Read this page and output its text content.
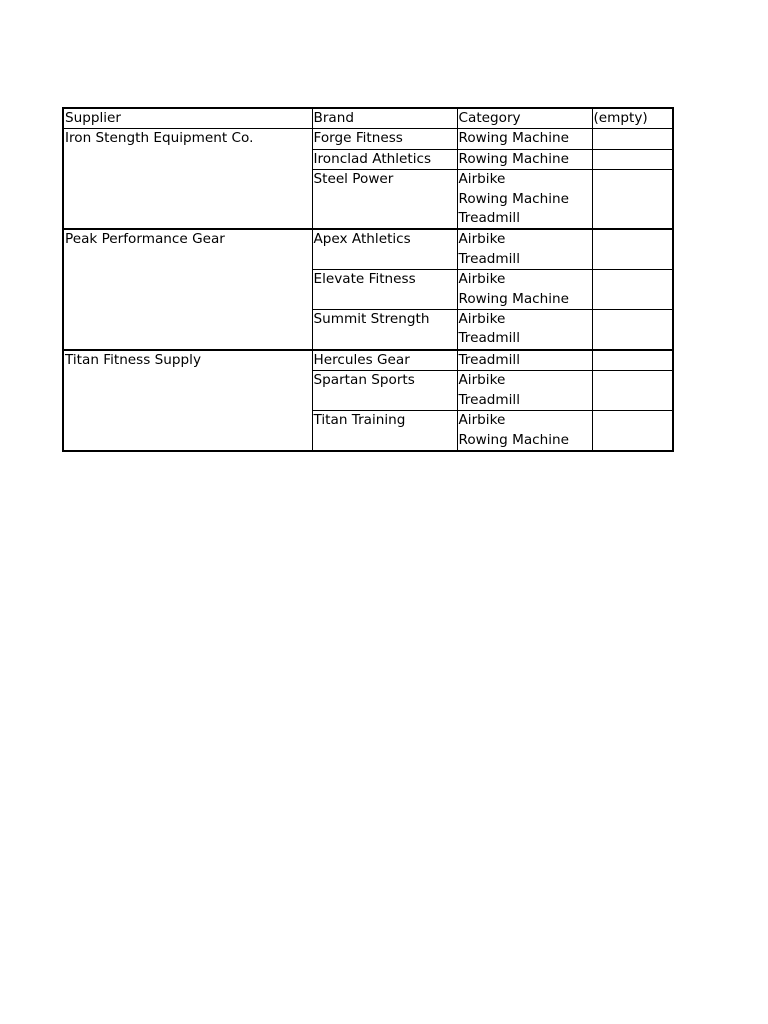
Supplier	Brand	Category	(empty)
Iron Stength Equipment Co.	Forge Fitness	Rowing Machine	

	Ironclad Athletics	Rowing Machine	

	Steel Power	Airbike
Rowing Machine
Treadmill	

Peak Performance Gear	Apex Athletics	Airbike
Treadmill	

	Elevate Fitness	Airbike
Rowing Machine	

	Summit Strength	Airbike
Treadmill	

Titan Fitness Supply	Hercules Gear	Treadmill	

	Spartan Sports	Airbike
Treadmill	

	Titan Training	Airbike
Rowing Machine	
